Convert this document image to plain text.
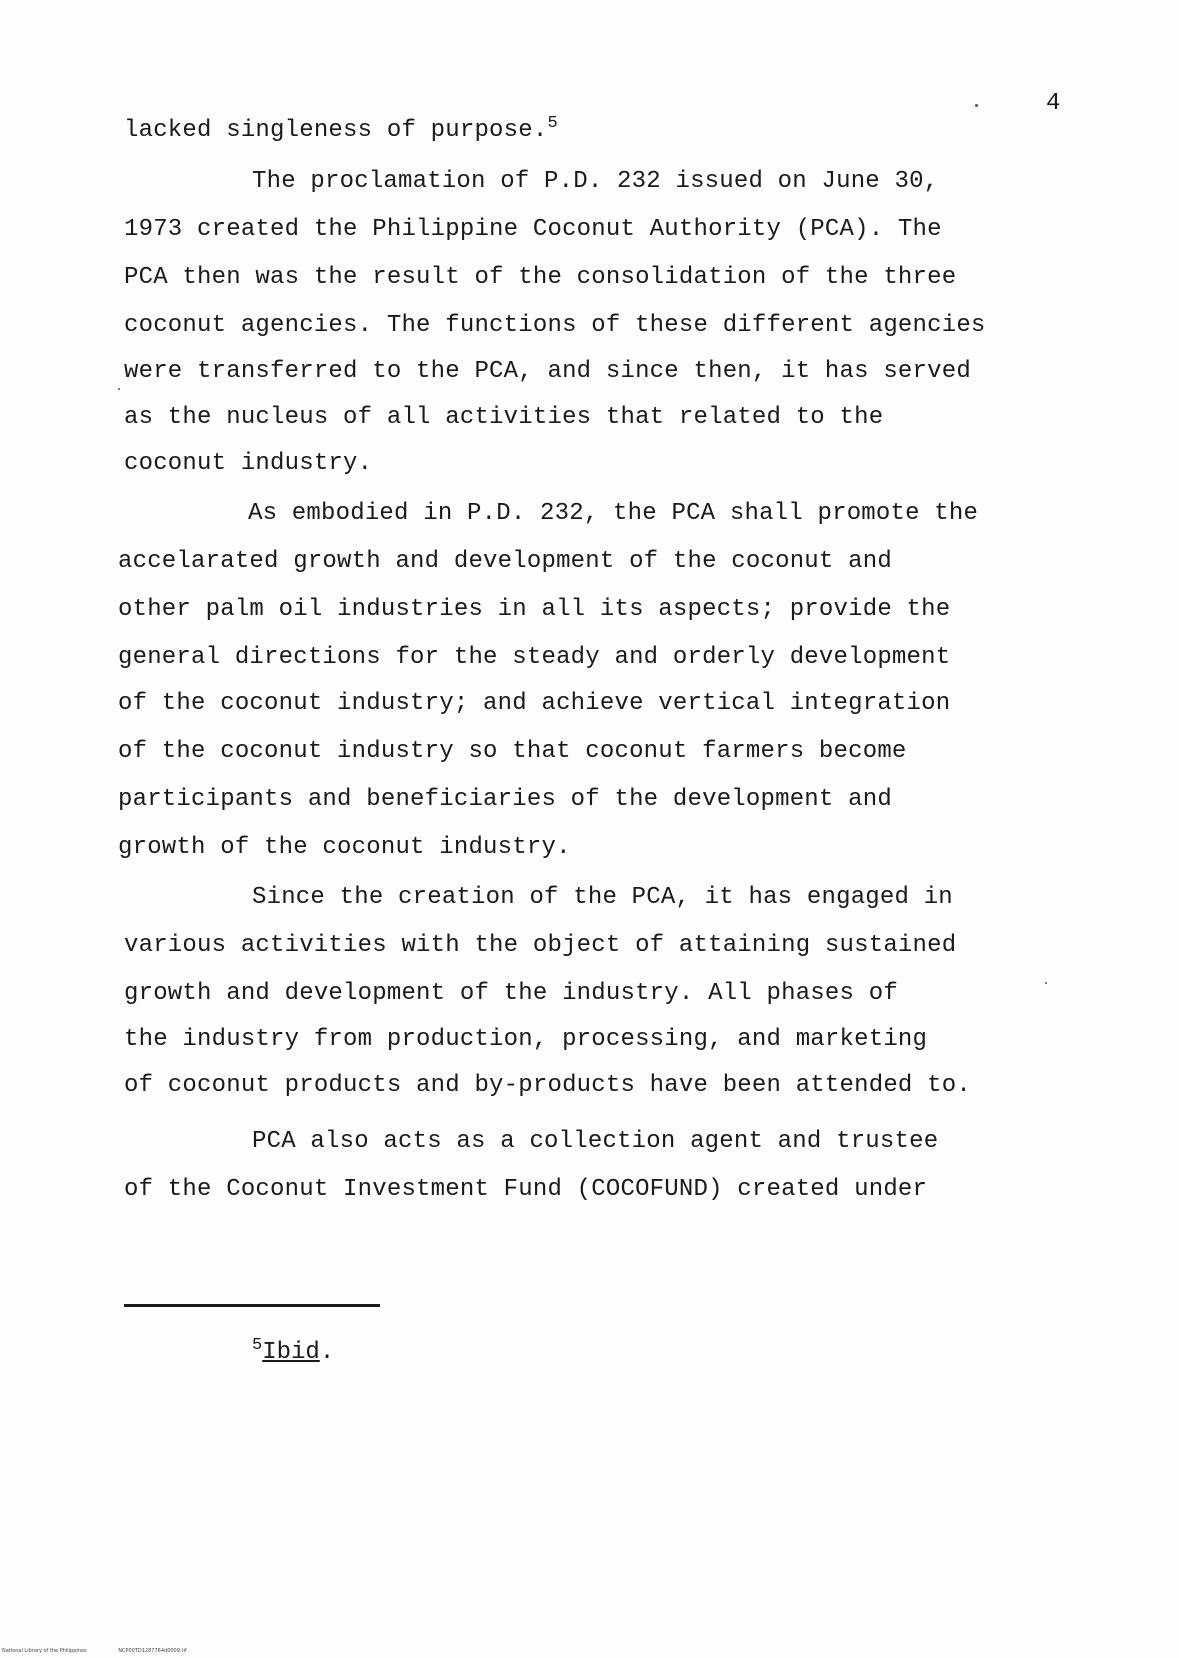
4
lacked singleness of purpose.$^5$
The proclamation of P.D. 232 issued on June 30,
1973 created the Philippine Coconut Authority (PCA). The
PCA then was the result of the consolidation of the three
coconut agencies. The functions of these different agencies
were transferred to the PCA, and since then, it has served
as the nucleus of all activities that related to the
coconut industry.
As embodied in P.D. 232, the PCA shall promote the
accelarated growth and development of the coconut and
other palm oil industries in all its aspects; provide the
general directions for the steady and orderly development
of the coconut industry; and achieve vertical integration
of the coconut industry so that coconut farmers become
participants and beneficiaries of the development and
growth of the coconut industry.
Since the creation of the PCA, it has engaged in
various activities with the object of attaining sustained
growth and development of the industry. All phases of
the industry from production, processing, and marketing
of coconut products and by-products have been attended to.
PCA also acts as a collection agent and trustee
of the Coconut Investment Fund (COCOFUND) created under
$^5$Ibid.
National Library of the Philippines	NCP00TD1287764d0009.tif
